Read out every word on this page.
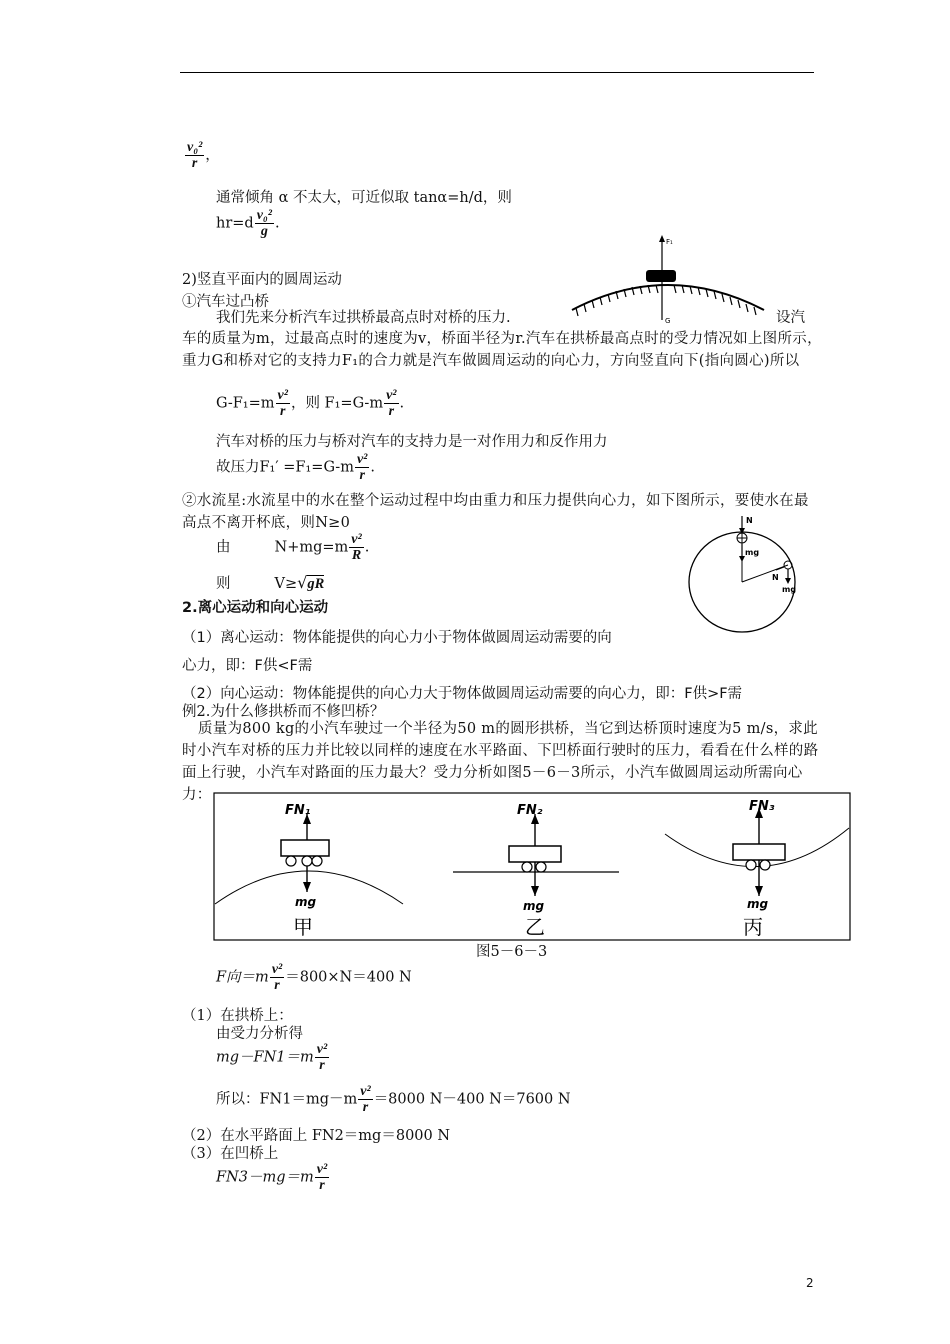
$\frac{\text{v₀²}}{r}$ ，
通常倾角 α 不太大，可近似取 tanα=h/d，则
$hr=d \frac{\text{v₀²}}{g}$ .
2)竖直平面内的圆周运动
①汽车过凸桥
我们先来分析汽车过拱桥最高点时对桥的压力.	设汽
F₁
G
车的质量为m，过最高点时的速度为v，桥面半径为r.汽车在拱桥最高点时的受力情况如上图所示，重力G和桥对它的支持力F₁的合力就是汽车做圆周运动的向心力，方向竖直向下(指向圆心)所以
$G-F_1=m \frac{\text{v²}}{r}$ ，则 $F_1=G-m \frac{\text{v²}}{r}$ .
汽车对桥的压力与桥对汽车的支持力是一对作用力和反作用力
故压力$F_1' =F_1=G-m \frac{\text{v²}}{r}$ .
②水流星:水流星中的水在整个运动过程中均由重力和压力提供向心力，如下图所示，要使水在最高点不离开杯底，则N≥0
由	$N+mg=m \frac{\text{v²}}{R}$ .
则	V≥√gR
N
mg
N
mg
2.离心运动和向心运动
（1）离心运动：物体能提供的向心力小于物体做圆周运动需要的向
心力，即：F供<F需
（2）向心运动：物体能提供的向心力大于物体做圆周运动需要的向心力，即：F供>F需
例2.为什么修拱桥而不修凹桥？
质量为800 kg的小汽车驶过一个半径为50 m的圆形拱桥，当它到达桥顶时速度为5 m/s，求此时小汽车对桥的压力并比较以同样的速度在水平路面、下凹桥面行驶时的压力，看看在什么样的路面上行驶，小汽车对路面的压力最大？受力分析如图5－6－3所示，小汽车做圆周运动所需向心力：
FN₁
mg
甲
FN₂
mg
乙
FN₃
mg
丙
图5－6－3
F向$=m \frac{\text{v²}}{r} =800\times N=400$ N
（1）在拱桥上：
由受力分析得
$mg-FN1=m \frac{\text{v²}}{r}$
所以：$FN1=mg-m \frac{\text{v²}}{r} =8000$ N－400 N＝7600 N
（2）在水平路面上 FN2＝mg＝8000 N
（3）在凹桥上
$FN3-mg=m \frac{\text{v²}}{r}$
2
